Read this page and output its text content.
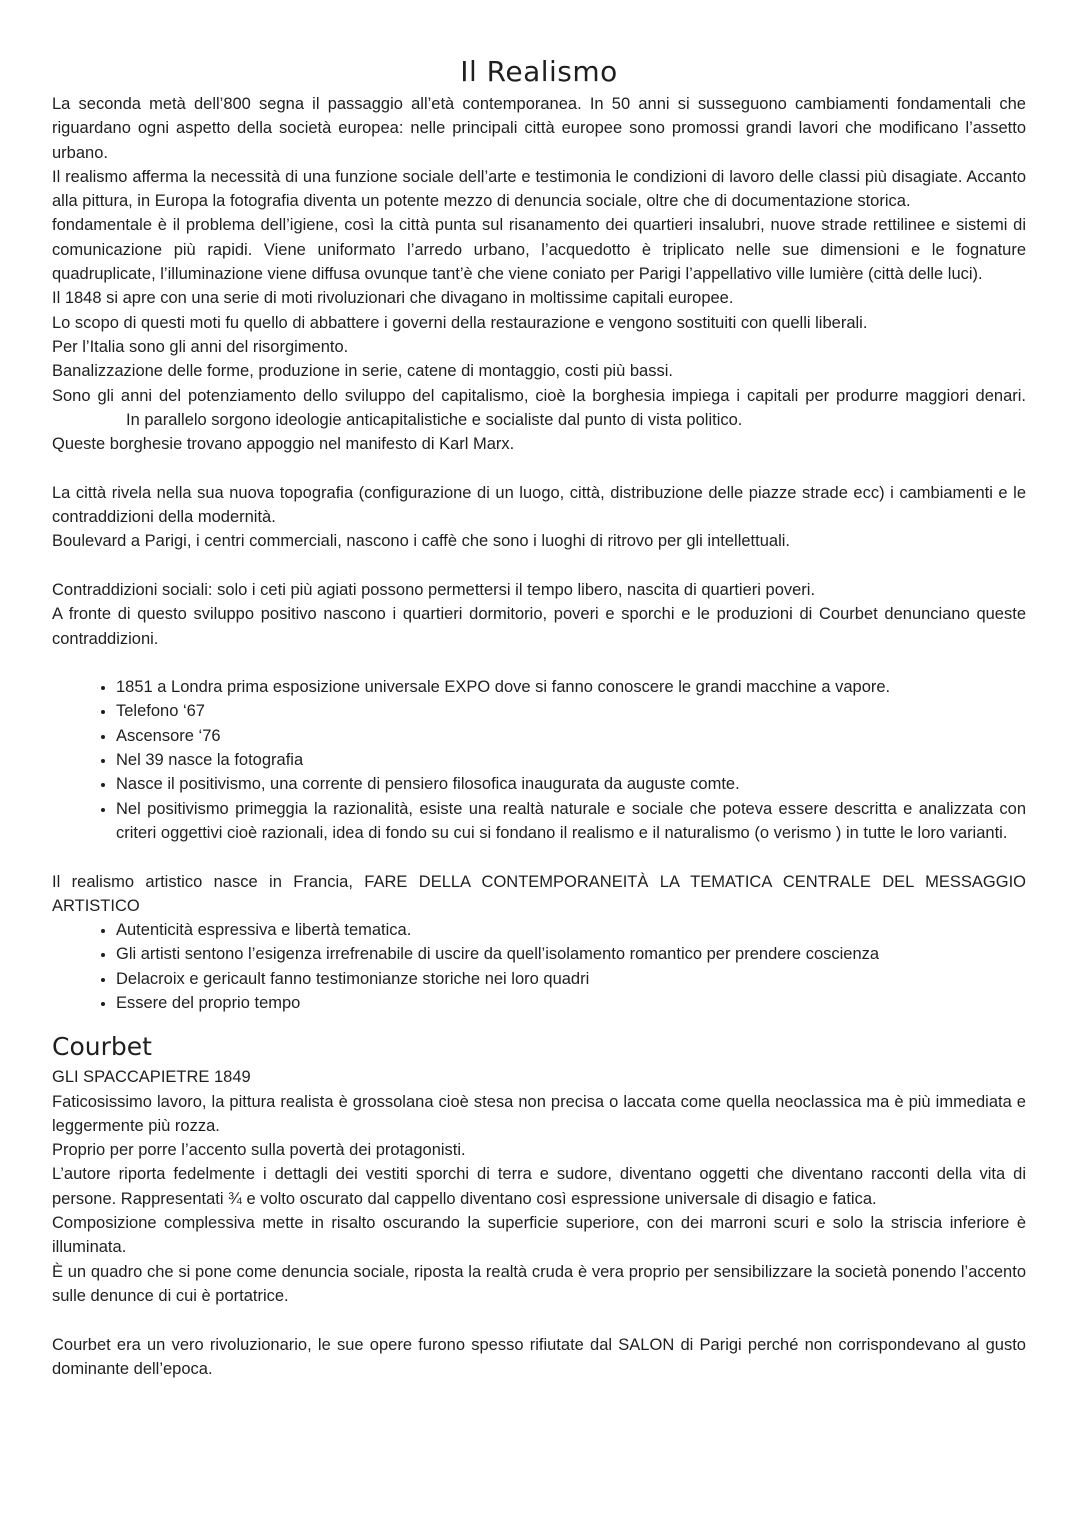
Il Realismo

La seconda metà dell’800 segna il passaggio all’età contemporanea. In 50 anni si susseguono cambiamenti fondamentali che riguardano ogni aspetto della società europea: nelle principali città europee sono promossi grandi lavori che modificano l’assetto urbano.

Il realismo afferma la necessità di una funzione sociale dell’arte e testimonia le condizioni di lavoro delle classi più disagiate. Accanto alla pittura, in Europa la fotografia diventa un potente mezzo di denuncia sociale, oltre che di documentazione storica.

fondamentale è il problema dell’igiene, così la città punta sul risanamento dei quartieri insalubri, nuove strade rettilinee e sistemi di comunicazione più rapidi. Viene uniformato l’arredo urbano, l’acquedotto è triplicato nelle sue dimensioni e le fognature quadruplicate, l’illuminazione viene diffusa ovunque tant’è che viene coniato per Parigi l’appellativo ville lumière (città delle luci).

Il 1848 si apre con una serie di moti rivoluzionari che divagano in moltissime capitali europee.

Lo scopo di questi moti fu quello di abbattere i governi della restaurazione e vengono sostituiti con quelli liberali.

Per l’Italia sono gli anni del risorgimento.

Banalizzazione delle forme, produzione in serie, catene di montaggio, costi più bassi.

Sono gli anni del potenziamento dello sviluppo del capitalismo, cioè la borghesia impiega i capitali per produrre maggiori denari.In parallelo sorgono ideologie anticapitalistiche e socialiste dal punto di vista politico.

Queste borghesie trovano appoggio nel manifesto di Karl Marx.

La città rivela nella sua nuova topografia (configurazione di un luogo, città, distribuzione delle piazze strade ecc) i cambiamenti e le contraddizioni della modernità.

Boulevard a Parigi, i centri commerciali, nascono i caffè che sono i luoghi di ritrovo per gli intellettuali.

Contraddizioni sociali: solo i ceti più agiati possono permettersi il tempo libero, nascita di quartieri poveri.

A fronte di questo sviluppo positivo nascono i quartieri dormitorio, poveri e sporchi e le produzioni di Courbet denunciano queste contraddizioni.

• 1851 a Londra prima esposizione universale EXPO dove si fanno conoscere le grandi macchine a vapore.
• Telefono ‘67
• Ascensore ‘76
• Nel 39 nasce la fotografia
• Nasce il positivismo, una corrente di pensiero filosofica inaugurata da auguste comte.
• Nel positivismo primeggia la razionalità, esiste una realtà naturale e sociale che poteva essere descritta e analizzata con criteri oggettivi cioè razionali, idea di fondo su cui si fondano il realismo e il naturalismo (o verismo ) in tutte le loro varianti.

Il realismo artistico nasce in Francia, FARE DELLA CONTEMPORANEITÀ LA TEMATICA CENTRALE DEL MESSAGGIO ARTISTICO

• Autenticità espressiva e libertà tematica.
• Gli artisti sentono l’esigenza irrefrenabile di uscire da quell’isolamento romantico per prendere coscienza
• Delacroix e gericault fanno testimonianze storiche nei loro quadri
• Essere del proprio tempo
Courbet

GLI SPACCAPIETRE 1849

Faticosissimo lavoro, la pittura realista è grossolana cioè stesa non precisa o laccata come quella neoclassica ma è più immediata e leggermente più rozza.

Proprio per porre l’accento sulla povertà dei protagonisti.

L’autore riporta fedelmente i dettagli dei vestiti sporchi di terra e sudore, diventano oggetti che diventano racconti della vita di persone. Rappresentati ¾ e volto oscurato dal cappello diventano così espressione universale di disagio e fatica.

Composizione complessiva mette in risalto oscurando la superficie superiore, con dei marroni scuri e solo la striscia inferiore è illuminata.

È un quadro che si pone come denuncia sociale, riposta la realtà cruda è vera proprio per sensibilizzare la società ponendo l’accento sulle denunce di cui è portatrice.

Courbet era un vero rivoluzionario, le sue opere furono spesso rifiutate dal SALON di Parigi perché non corrispondevano al gusto dominante dell’epoca.
